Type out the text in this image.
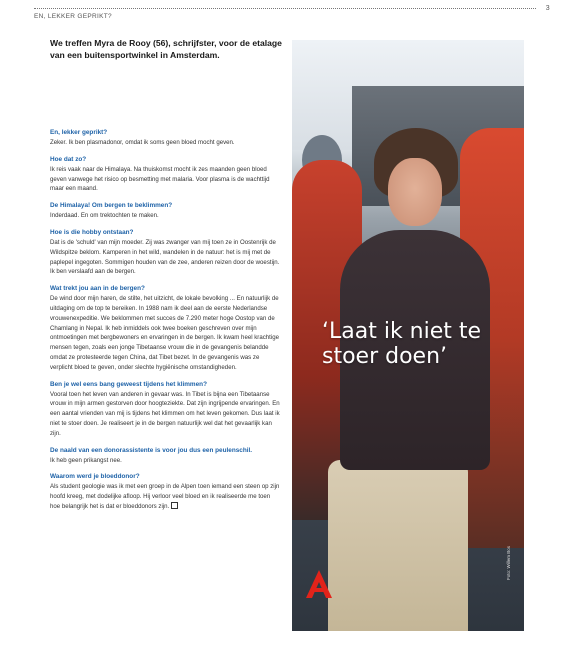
EN, LEKKER GEPRIKT?
3
We treffen Myra de Rooy (56), schrijfster, voor de etalage van een buitensportwinkel in Amsterdam.
En, lekker geprikt?
Zeker. Ik ben plasmadonor, omdat ik soms geen bloed mocht geven.
Hoe dat zo?
Ik reis vaak naar de Himalaya. Na thuiskomst mocht ik zes maanden geen bloed geven vanwege het risico op besmetting met malaria. Voor plasma is de wachttijd maar een maand.
De Himalaya! Om bergen te beklimmen?
Inderdaad. En om trektochten te maken.
Hoe is die hobby ontstaan?
Dat is de 'schuld' van mijn moeder. Zij was zwanger van mij toen ze in Oostenrijk de Wildspitze beklom. Kamperen in het wild, wandelen in de natuur: het is mij met de paplepel ingegoten. Sommigen houden van de zee, anderen reizen door de woestijn. Ik ben verslaafd aan de bergen.
Wat trekt jou aan in de bergen?
De wind door mijn haren, de stilte, het uitzicht, de lokale bevolking ... En natuurlijk de uitdaging om de top te bereiken. In 1988 nam ik deel aan de eerste Nederlandse vrouwenexpeditie. We beklommen met succes de 7.290 meter hoge Oostop van de Chamlang in Nepal. Ik heb inmiddels ook twee boeken geschreven over mijn ontmoetingen met bergbewoners en ervaringen in de bergen. Ik kwam heel krachtige mensen tegen, zoals een jonge Tibetaanse vrouw die in de gevangenis belandde omdat ze protesteerde tegen China, dat Tibet bezet. In de gevangenis was ze verplicht bloed te geven, onder slechte hygiënische omstandigheden.
Ben je wel eens bang geweest tijdens het klimmen?
Vooral toen het leven van anderen in gevaar was. In Tibet is bijna een Tibetaanse vrouw in mijn armen gestorven door hoogteziekte. Dat zijn ingrijpende ervaringen. En een aantal vrienden van mij is tijdens het klimmen om het leven gekomen. Dus laat ik niet te stoer doen. Je realiseert je in de bergen natuurlijk wel dat het gevaarlijk kan zijn.
De naald van een donorassistente is voor jou dus een peulenschil.
Ik heb geen prikangst nee.
Waarom werd je bloeddonor?
Als student geologie was ik met een groep in de Alpen toen iemand een steen op zijn hoofd kreeg, met dodelijke afloop. Hij verloor veel bloed en ik realiseerde me toen hoe belangrijk het is dat er bloeddonors zijn.
‘Laat ik niet te stoer doen’
Foto: Willem Bos
